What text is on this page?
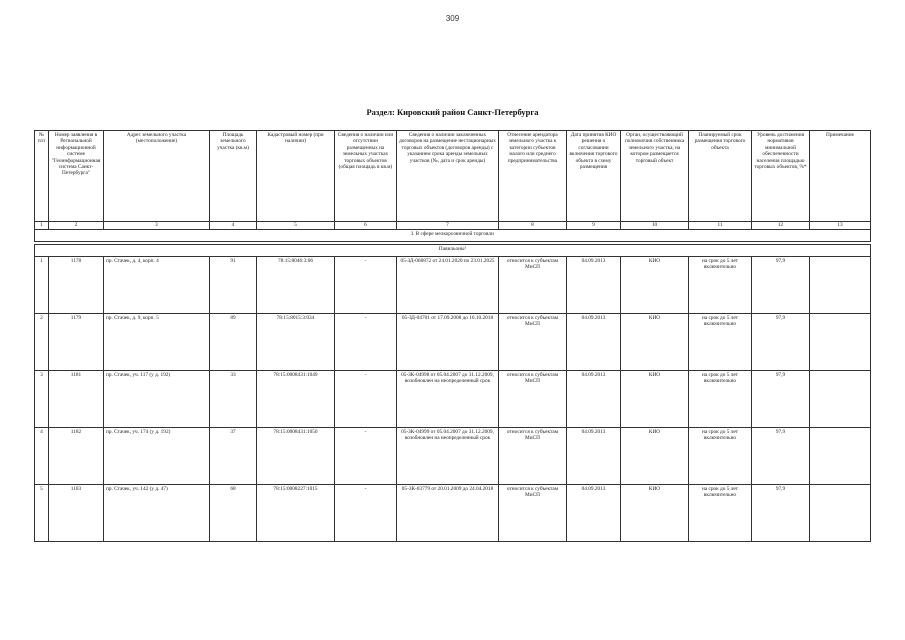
309
Раздел: Кировский район Санкт-Петербурга
№ п/п	Номер заявления в Региональной информационной системе "Геоинформационная система Санкт-Петербурга"	Адрес земельного участка (местоположение)	Площадь земельного участка (кв.м)	Кадастровый номер (при наличии)	Сведения о наличии или отсутствии размещенных на земельных участках торговых объектов (общая площадь в кв.м)	Сведения о наличии заключенных договоров на размещение нестационарных торговых объектов (договоров аренды) с указанием срока аренды земельных участков (№, дата и срок аренды)	Отнесение арендатора земельного участка к категории субъектов малого или среднего предпринимательства	Дата принятия КИО решения о согласовании включения торгового объекта в схему размещения	Орган, осуществляющий полномочия собственника земельного участка, на котором размещается торговый объект	Планируемый срок размещения торгового объекта	Уровень достижения нормативов минимальной обеспеченности населения площадью торговых объектов, %*	Примечание
1	2	3	4	5	6	7	8	9	10	11	12	13
I. В сфере мелкорозничной торговли												

Павильоны¹												
1	1178	пр. Стачек, д. 4, корп. 4	91	78:15:8046:3:06	-	05-ЗД-068872 от 24.01.2020 по 23.01.2025	относится к субъектам МиСП	04.09.2013	КИО	на срок до 5 лет включительно	97,9	
2	1179	пр. Стачек, д. 9, корп. 5	89	78:15:8015:3:034	-	05-ЗД-04701 от 17.09.2008 до 16.10.2018	относится к субъектам МиСП	04.09.2013	КИО	на срок до 5 лет включительно	97,9	
3	1181	пр. Стачек, уч. 117 (у д. 192)	33	78:15:0008431:1049	-	05-ЗК-04998 от 05.04.2007 до 31.12.2009, возобновлен на неопределенный срок	относится к субъектам МиСП	04.09.2013	КИО	на срок до 5 лет включительно	97,9	
4	1182	пр. Стачек, уч. 174 (у д. 192)	37	78:15:0008431:1050	-	05-ЗК-04999 от 05.04.2007 до 31.12.2009, возобновлен на неопределенный срок	относится к субъектам МиСП	04.09.2013	КИО	на срок до 5 лет включительно	97,9	
5	1183	пр. Стачек, уч. 142 (у д. 47)	68	78:15:0008227:1015	-	05-ЗК-03779 от 20.01.2009 до 24.04.2018	относится к субъектам МиСП	04.09.2013	КИО	на срок до 5 лет включительно	97,9	
